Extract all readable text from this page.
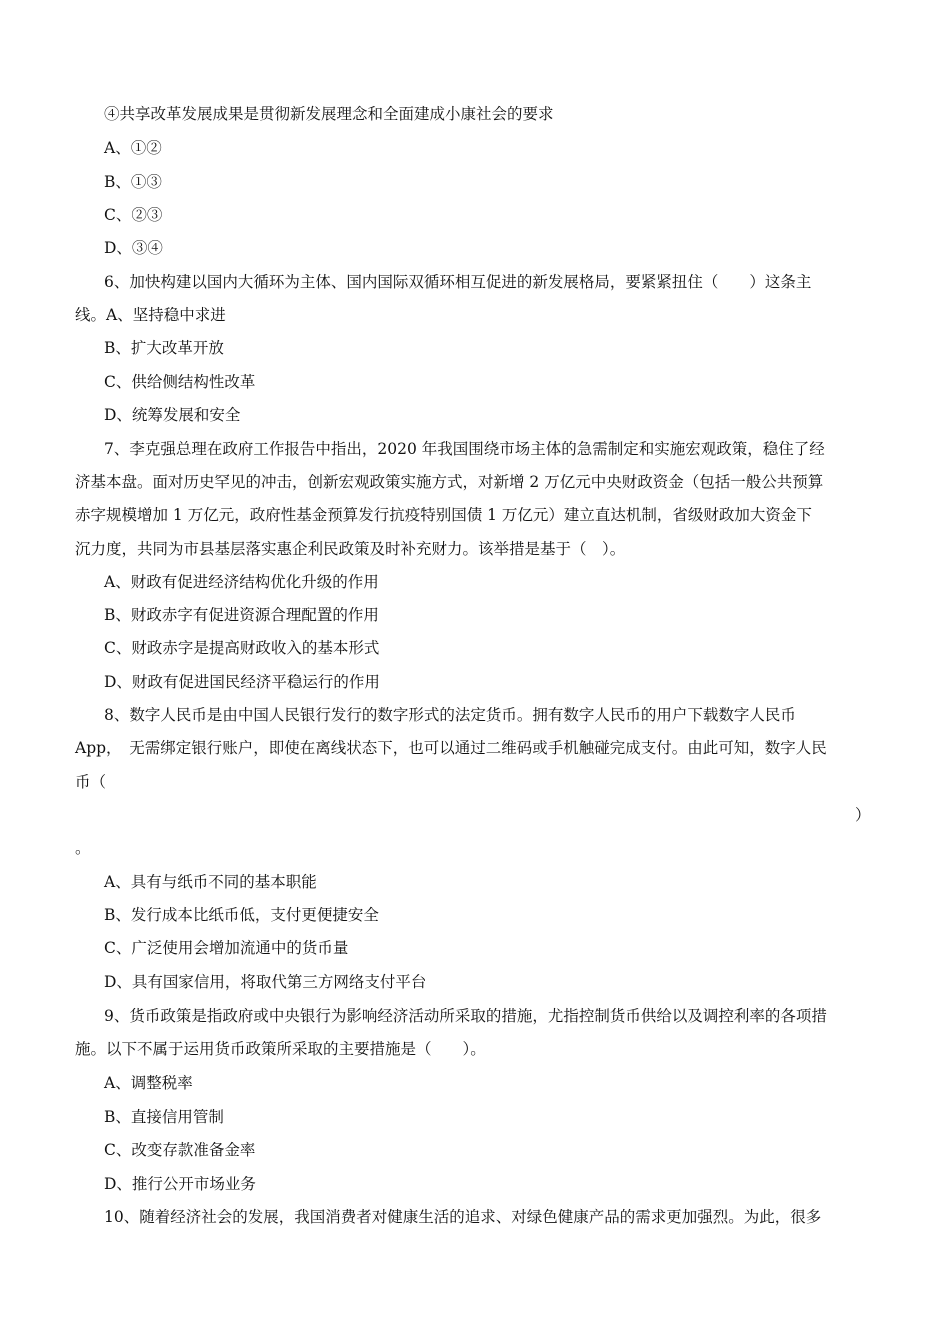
④共享改革发展成果是贯彻新发展理念和全面建成小康社会的要求
A、①②
B、①③
C、②③
D、③④
6、加快构建以国内大循环为主体、国内国际双循环相互促进的新发展格局，要紧紧扭住（　　）这条主
线。A、坚持稳中求进
B、扩大改革开放
C、供给侧结构性改革
D、统筹发展和安全
7、李克强总理在政府工作报告中指出，2020 年我国围绕市场主体的急需制定和实施宏观政策，稳住了经
济基本盘。面对历史罕见的冲击，创新宏观政策实施方式，对新增 2 万亿元中央财政资金（包括一般公共预算
赤字规模增加 1 万亿元，政府性基金预算发行抗疫特别国债 1 万亿元）建立直达机制，省级财政加大资金下
沉力度，共同为市县基层落实惠企利民政策及时补充财力。该举措是基于（　）。
A、财政有促进经济结构优化升级的作用
B、财政赤字有促进资源合理配置的作用
C、财政赤字是提高财政收入的基本形式
D、财政有促进国民经济平稳运行的作用
8、数字人民币是由中国人民银行发行的数字形式的法定货币。拥有数字人民币的用户下载数字人民币
App，　无需绑定银行账户，即使在离线状态下，也可以通过二维码或手机触碰完成支付。由此可知，数字人民
币（
）
。
A、具有与纸币不同的基本职能
B、发行成本比纸币低，支付更便捷安全
C、广泛使用会增加流通中的货币量
D、具有国家信用，将取代第三方网络支付平台
9、货币政策是指政府或中央银行为影响经济活动所采取的措施，尤指控制货币供给以及调控利率的各项措
施。以下不属于运用货币政策所采取的主要措施是（　　）。
A、调整税率
B、直接信用管制
C、改变存款准备金率
D、推行公开市场业务
10、随着经济社会的发展，我国消费者对健康生活的追求、对绿色健康产品的需求更加强烈。为此，很多
